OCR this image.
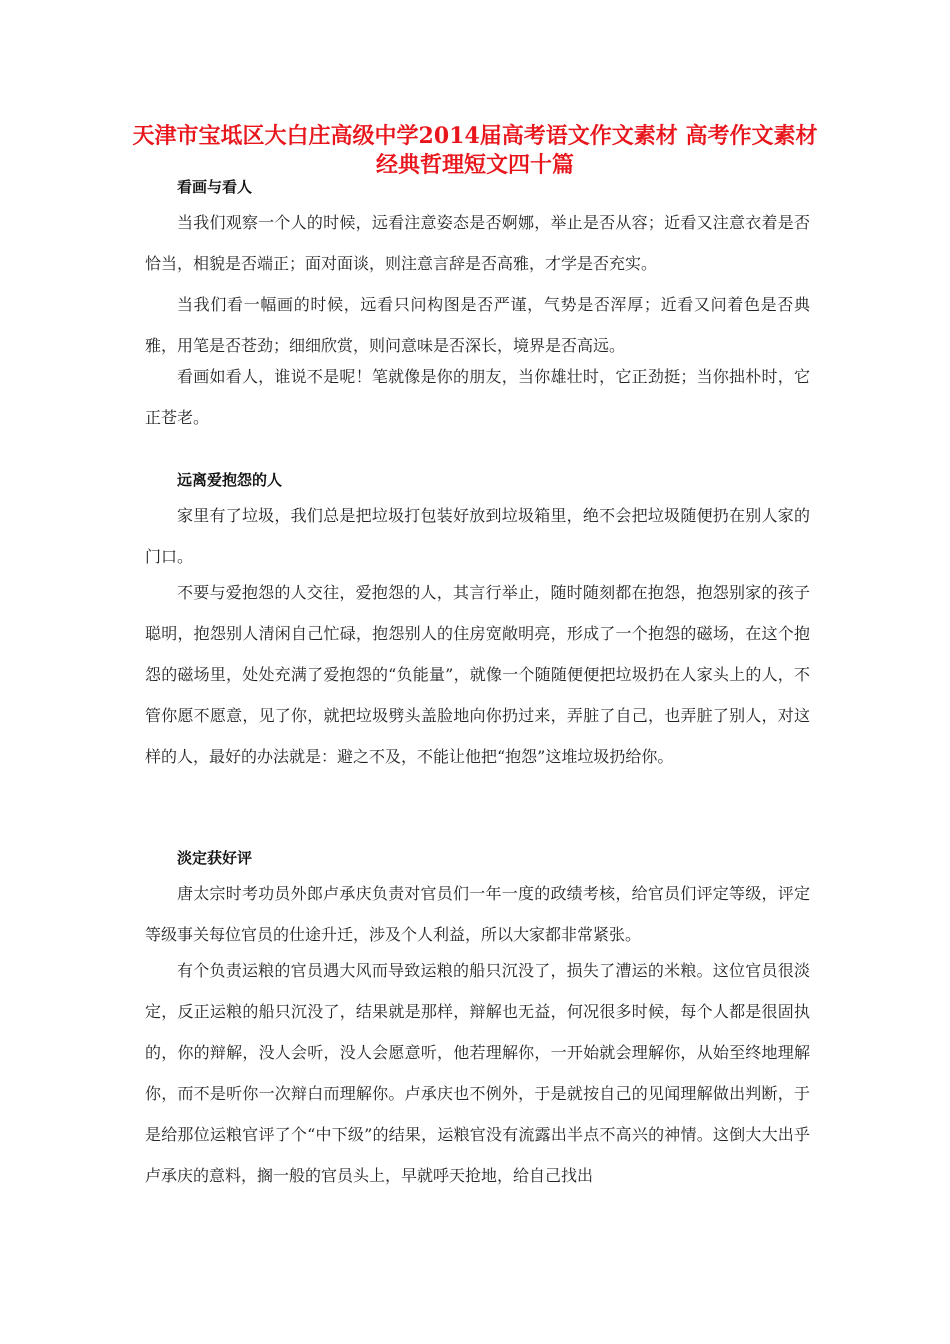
天津市宝坻区大白庄高级中学2014届高考语文作文素材 高考作文素材 经典哲理短文四十篇
看画与看人

当我们观察一个人的时候，远看注意姿态是否婀娜，举止是否从容；近看又注意衣着是否恰当，相貌是否端正；面对面谈，则注意言辞是否高雅，才学是否充实。

当我们看一幅画的时候，远看只问构图是否严谨，气势是否浑厚；近看又问着色是否典雅，用笔是否苍劲；细细欣赏，则问意味是否深长，境界是否高远。

看画如看人，谁说不是呢！笔就像是你的朋友，当你雄壮时，它正劲挺；当你拙朴时，它正苍老。

远离爱抱怨的人

家里有了垃圾，我们总是把垃圾打包装好放到垃圾箱里，绝不会把垃圾随便扔在别人家的门口。

不要与爱抱怨的人交往，爱抱怨的人，其言行举止，随时随刻都在抱怨，抱怨别家的孩子聪明，抱怨别人清闲自己忙碌，抱怨别人的住房宽敞明亮，形成了一个抱怨的磁场，在这个抱怨的磁场里，处处充满了爱抱怨的“负能量”，就像一个随随便便把垃圾扔在人家头上的人，不管你愿不愿意，见了你，就把垃圾劈头盖脸地向你扔过来，弄脏了自己，也弄脏了别人，对这样的人，最好的办法就是：避之不及，不能让他把“抱怨”这堆垃圾扔给你。

淡定获好评

唐太宗时考功员外郎卢承庆负责对官员们一年一度的政绩考核，给官员们评定等级，评定等级事关每位官员的仕途升迁，涉及个人利益，所以大家都非常紧张。

有个负责运粮的官员遇大风而导致运粮的船只沉没了，损失了漕运的米粮。这位官员很淡定，反正运粮的船只沉没了，结果就是那样，辩解也无益，何况很多时候，每个人都是很固执的，你的辩解，没人会听，没人会愿意听，他若理解你，一开始就会理解你，从始至终地理解你，而不是听你一次辩白而理解你。卢承庆也不例外，于是就按自己的见闻理解做出判断，于是给那位运粮官评了个“中下级”的结果，运粮官没有流露出半点不高兴的神情。这倒大大出乎卢承庆的意料，搁一般的官员头上，早就呼天抢地，给自己找出
